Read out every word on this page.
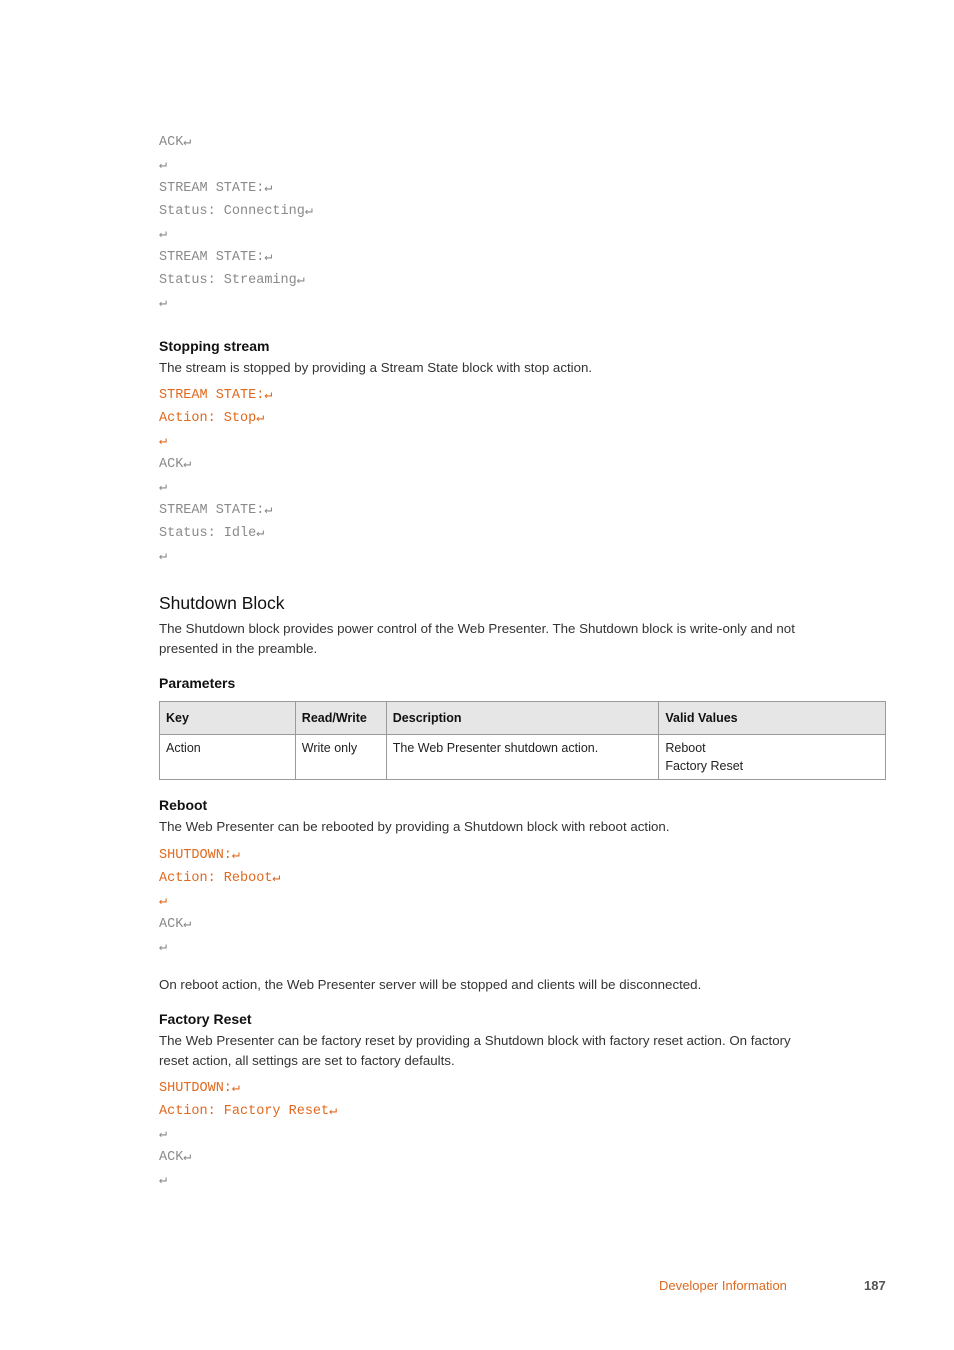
ACK↵
↵
STREAM STATE:↵
Status: Connecting↵
↵
STREAM STATE:↵
Status: Streaming↵
↵
Stopping stream
The stream is stopped by providing a Stream State block with stop action.
STREAM STATE:↵
Action: Stop↵
↵
ACK↵
↵
STREAM STATE:↵
Status: Idle↵
↵
Shutdown Block
The Shutdown block provides power control of the Web Presenter. The Shutdown block is write-only and not presented in the preamble.
Parameters
Key	Read/Write	Description	Valid Values
Action	Write only	The Web Presenter shutdown action.	Reboot
Factory Reset
Reboot
The Web Presenter can be rebooted by providing a Shutdown block with reboot action.
SHUTDOWN:↵
Action: Reboot↵
↵
ACK↵
↵
On reboot action, the Web Presenter server will be stopped and clients will be disconnected.
Factory Reset
The Web Presenter can be factory reset by providing a Shutdown block with factory reset action. On factory reset action, all settings are set to factory defaults.
SHUTDOWN:↵
Action: Factory Reset↵
↵
ACK↵
↵
Developer Information	187
